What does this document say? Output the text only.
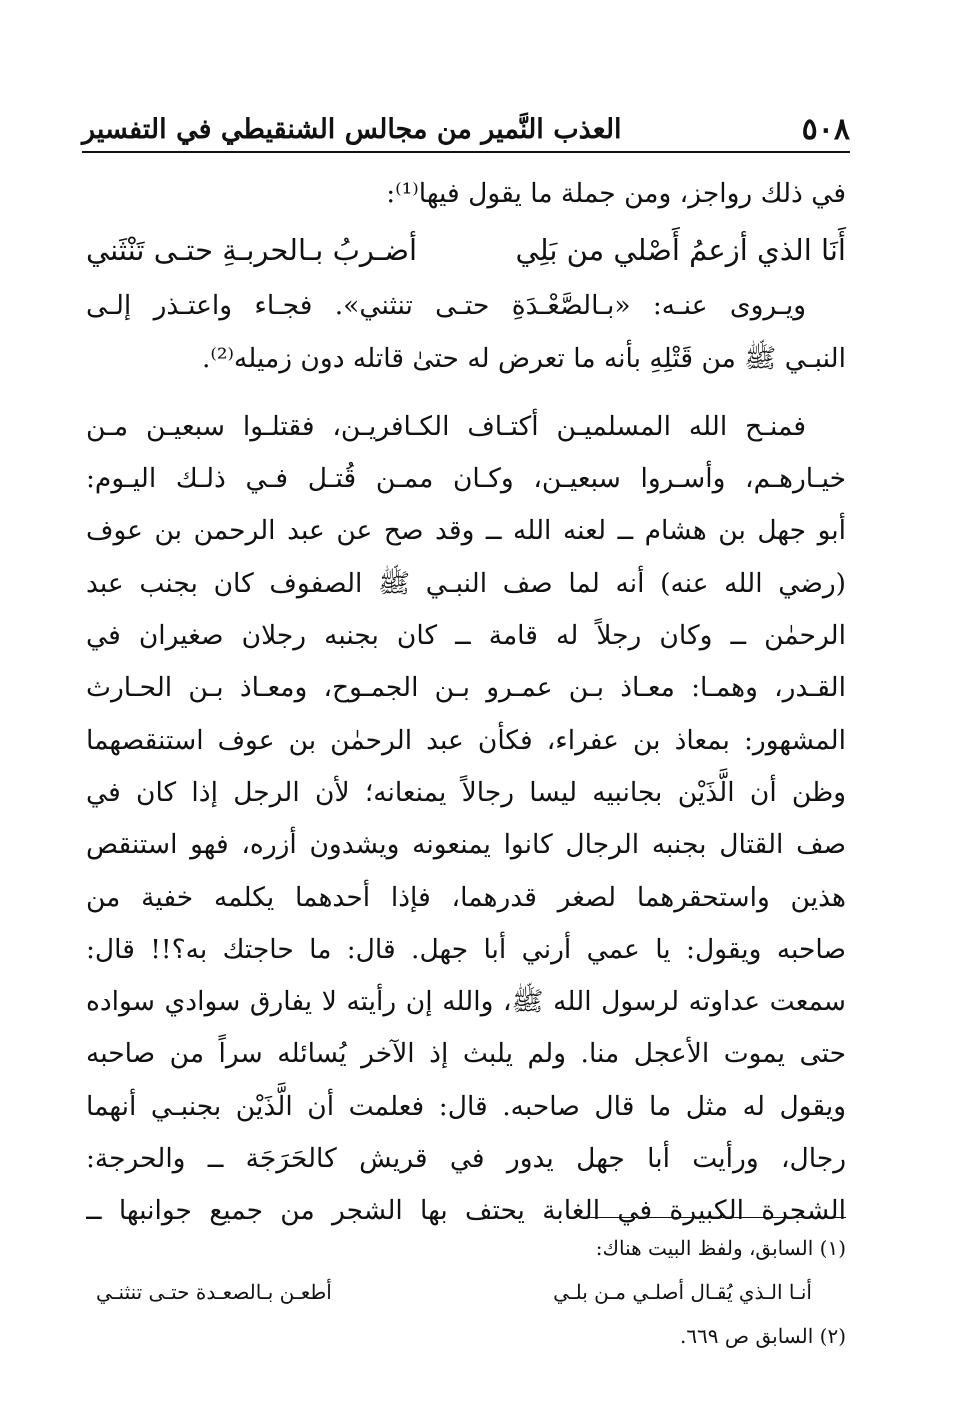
٥٠٨
العذب النَّمير من مجالس الشنقيطي في التفسير
في ذلك رواجز، ومن جملة ما يقول فيها⁽¹⁾:
أَنَا الذي أزعمُ أَصْلي من بَلِي
أضـربُ بـالحربـةِ حتـى تَنْثَني
ويـروى عنـه: «بـالصَّعْـدَةِ حتـى تنثني». فجـاء واعتـذر إلـى
النبـي ﷺ من قَتْلِهِ بأنه ما تعرض له حتىٰ قاتله دون زميله⁽²⁾.
فمنـح الله المسلميـن أكتـاف الكـافريـن، فقتلـوا سبعيـن مـن
خيـارهـم، وأسـروا سبعيـن، وكـان ممـن قُتـل فـي ذلـك اليـوم:
أبو جهل بن هشام ــ لعنه الله ــ وقد صح عن عبد الرحمن بن عوف
(رضي الله عنه) أنه لما صف النبـي ﷺ الصفوف كان بجنب عبد
الرحمٰن ــ وكان رجلاً له قامة ــ كان بجنبه رجلان صغيران في
القـدر، وهمـا: معـاذ بـن عمـرو بـن الجمـوح، ومعـاذ بـن الحـارث
المشهور: بمعاذ بن عفراء، فكأن عبد الرحمٰن بن عوف استنقصهما
وظن أن الَّذَيْن بجانبيه ليسا رجالاً يمنعانه؛ لأن الرجل إذا كان في
صف القتال بجنبه الرجال كانوا يمنعونه ويشدون أزره، فهو استنقص
هذين واستحقرهما لصغر قدرهما، فإذا أحدهما يكلمه خفية من
صاحبه ويقول: يا عمي أرني أبا جهل. قال: ما حاجتك به؟!! قال:
سمعت عداوته لرسول الله ﷺ، والله إن رأيته لا يفارق سوادي سواده
حتى يموت الأعجل منا. ولم يلبث إذ الآخر يُسائله سراً من صاحبه
ويقول له مثل ما قال صاحبه. قال: فعلمت أن الَّذَيْن بجنبـي أنهما
رجال، ورأيت أبا جهل يدور في قريش كالحَرَجَة ــ والحرجة:
الشجرة الكبيرة في الغابة يحتف بها الشجر من جميع جوانبها ــ
(١) السابق، ولفظ البيت هناك:
أنـا الـذي يُقـال أصلـي مـن بلـي
أطعـن بـالصعـدة حتـى تنثنـي
(٢) السابق ص ٦٦٩.
